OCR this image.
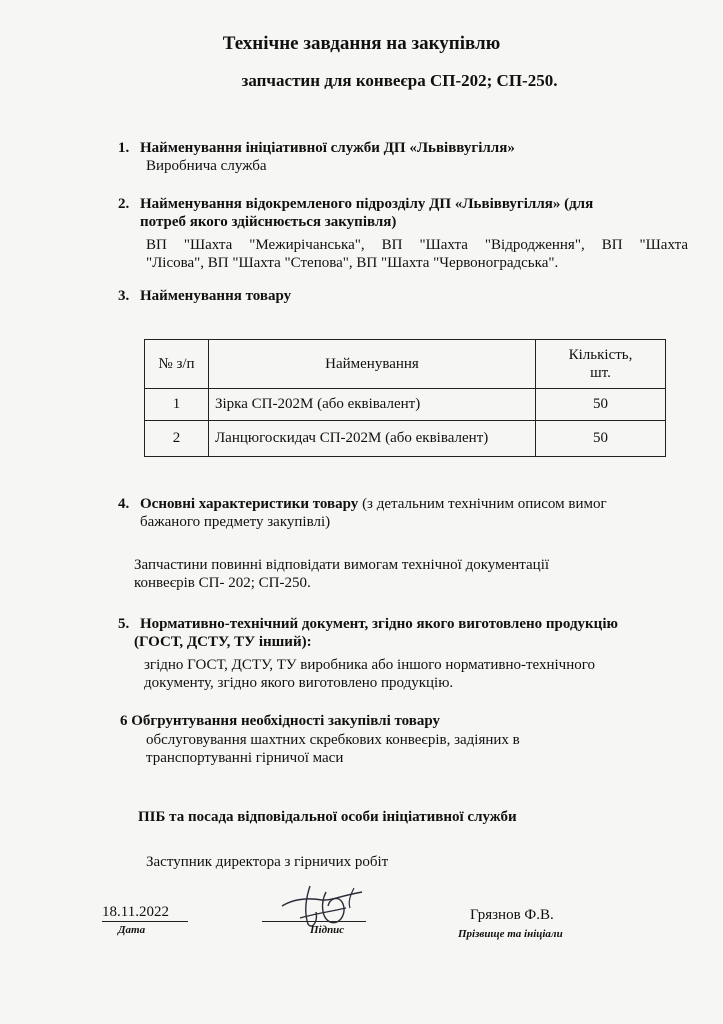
Технічне завдання на закупівлю
запчастин для конвеєра СП-202; СП-250.
1. Найменування ініціативної служби ДП «Львіввугілля»
Виробнича служба
2. Найменування відокремленого підрозділу ДП «Львіввугілля» (для
потреб якого здійснюється закупівля)
ВП "Шахта "Межирічанська", ВП "Шахта "Відродження", ВП "Шахта
"Лісова", ВП "Шахта "Степова", ВП "Шахта "Червоноградська".
3. Найменування товару
№ з/п	Найменування	Кількість,
шт.

1	Зірка СП-202М (або еквівалент)	50
2	Ланцюгоскидач СП-202М (або еквівалент)	50
4. Основні характеристики товару (з детальним технічним описом вимог
бажаного предмету закупівлі)
Запчастини повинні відповідати вимогам технічної документації
конвеєрів СП- 202; СП-250.
5. Нормативно-технічний документ, згідно якого виготовлено продукцію
(ГОСТ, ДСТУ, ТУ інший):
згідно ГОСТ, ДСТУ, ТУ виробника або іншого нормативно-технічного
документу, згідно якого виготовлено продукцію.
6 Обгрунтування необхідності закупівлі товару
обслуговування шахтних скребкових конвеєрів, задіяних в
транспортуванні гірничої маси
ПІБ та посада відповідальної особи ініціативної служби
Заступник директора з гірничих робіт
18.11.2022
Дата	Підпис
Грязнов Ф.В.
Прізвище та ініціали
